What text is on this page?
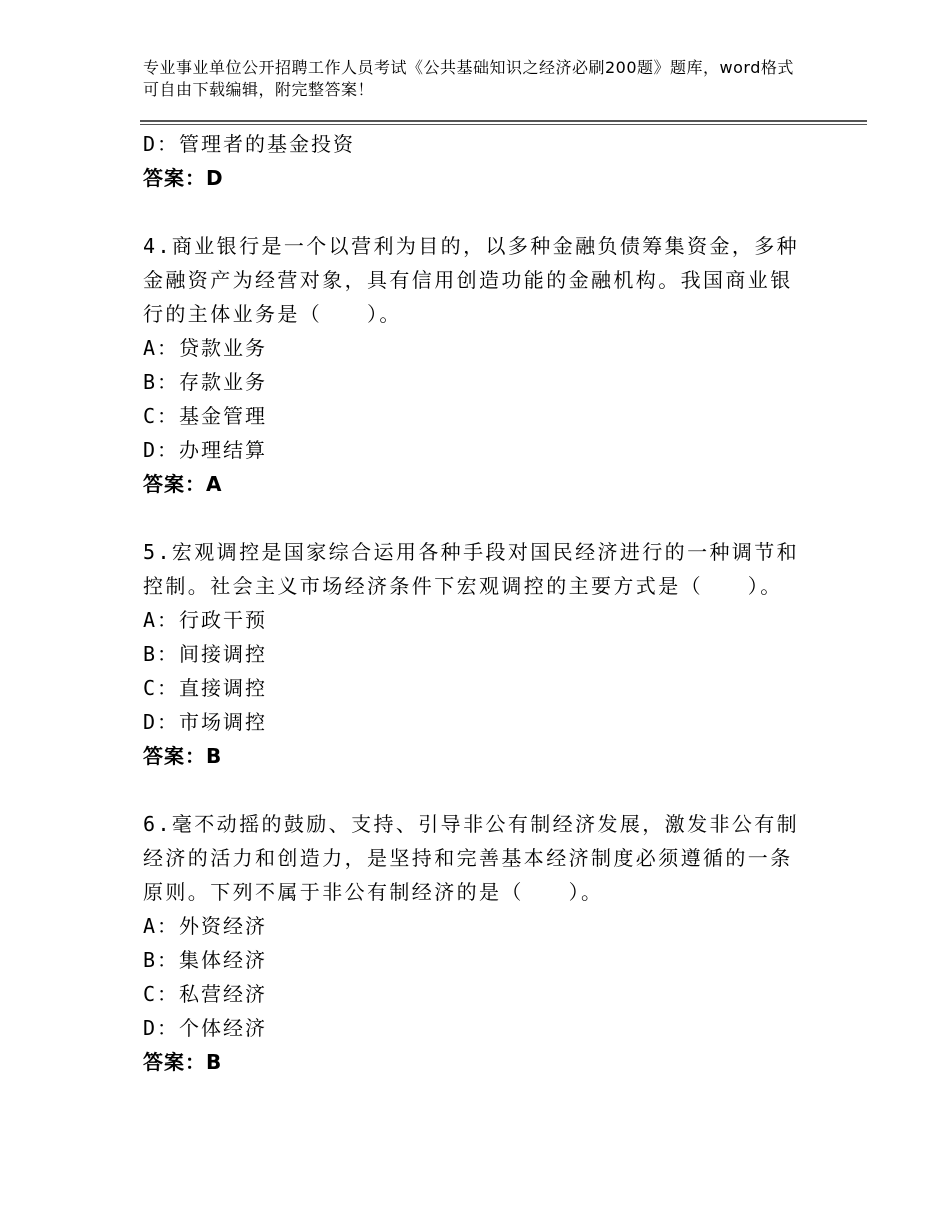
专业事业单位公开招聘工作人员考试《公共基础知识之经济必刷200题》题库，word格式可自由下载编辑，附完整答案！
D：管理者的基金投资
答案：D
4.商业银行是一个以营利为目的，以多种金融负债筹集资金，多种金融资产为经营对象，具有信用创造功能的金融机构。我国商业银行的主体业务是（　　）。
A：贷款业务
B：存款业务
C：基金管理
D：办理结算
答案：A
5.宏观调控是国家综合运用各种手段对国民经济进行的一种调节和控制。社会主义市场经济条件下宏观调控的主要方式是（　　）。
A：行政干预
B：间接调控
C：直接调控
D：市场调控
答案：B
6.毫不动摇的鼓励、支持、引导非公有制经济发展，激发非公有制经济的活力和创造力，是坚持和完善基本经济制度必须遵循的一条原则。下列不属于非公有制经济的是（　　）。
A：外资经济
B：集体经济
C：私营经济
D：个体经济
答案：B
